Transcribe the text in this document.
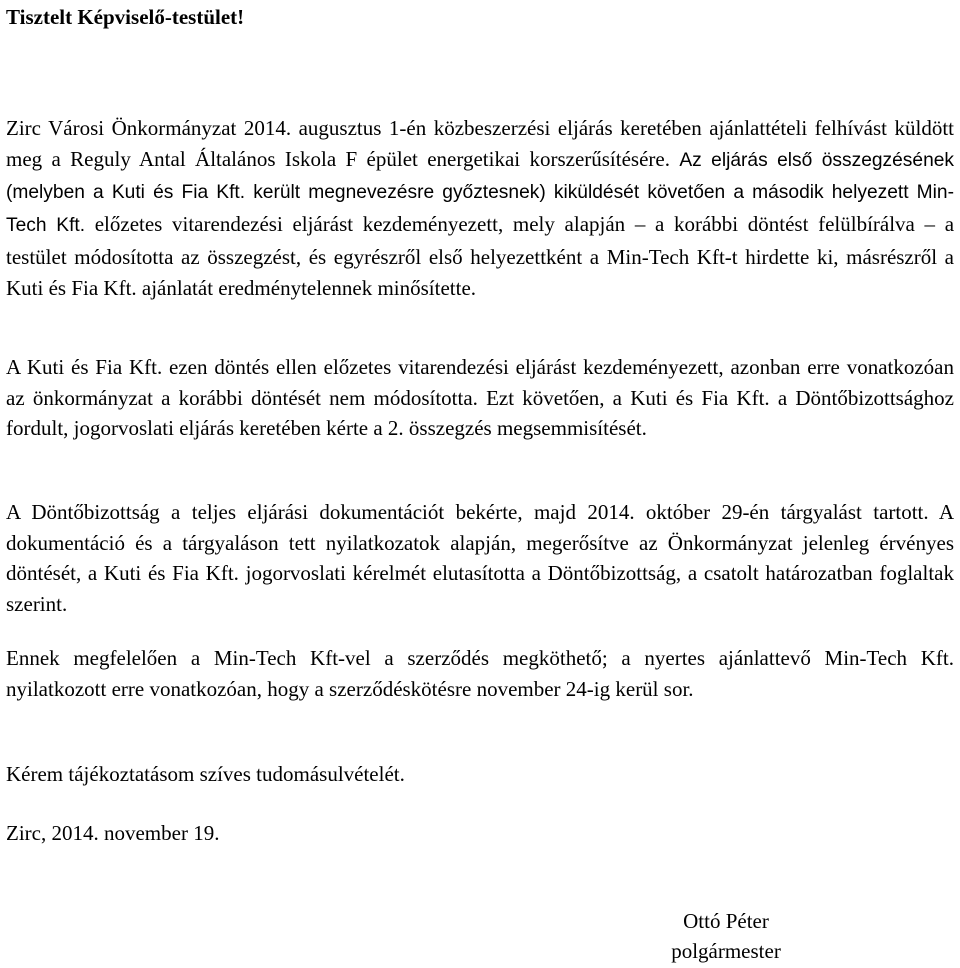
Tisztelt Képviselő-testület!

Zirc Városi Önkormányzat 2014. augusztus 1-én közbeszerzési eljárás keretében ajánlattételi felhívást küldött meg a Reguly Antal Általános Iskola F épület energetikai korszerűsítésére. Az eljárás első összegzésének (melyben a Kuti és Fia Kft. került megnevezésre győztesnek) kiküldését követően a második helyezett Min-Tech Kft. előzetes vitarendezési eljárást kezdeményezett, mely alapján – a korábbi döntést felülbírálva – a testület módosította az összegzést, és egyrészről első helyezettként a Min-Tech Kft-t hirdette ki, másrészről a Kuti és Fia Kft. ajánlatát eredménytelennek minősítette.

A Kuti és Fia Kft. ezen döntés ellen előzetes vitarendezési eljárást kezdeményezett, azonban erre vonatkozóan az önkormányzat a korábbi döntését nem módosította. Ezt követően, a Kuti és Fia Kft. a Döntőbizottsághoz fordult, jogorvoslati eljárás keretében kérte a 2. összegzés megsemmisítését.

A Döntőbizottság a teljes eljárási dokumentációt bekérte, majd 2014. október 29-én tárgyalást tartott. A dokumentáció és a tárgyaláson tett nyilatkozatok alapján, megerősítve az Önkormányzat jelenleg érvényes döntését, a Kuti és Fia Kft. jogorvoslati kérelmét elutasította a Döntőbizottság, a csatolt határozatban foglaltak szerint.

Ennek megfelelően a Min-Tech Kft-vel a szerződés megköthető; a nyertes ajánlattevő Min-Tech Kft. nyilatkozott erre vonatkozóan, hogy a szerződéskötésre november 24-ig kerül sor.

Kérem tájékoztatásom szíves tudomásulvételét.

Zirc, 2014. november 19.

Ottó Péter
polgármester
